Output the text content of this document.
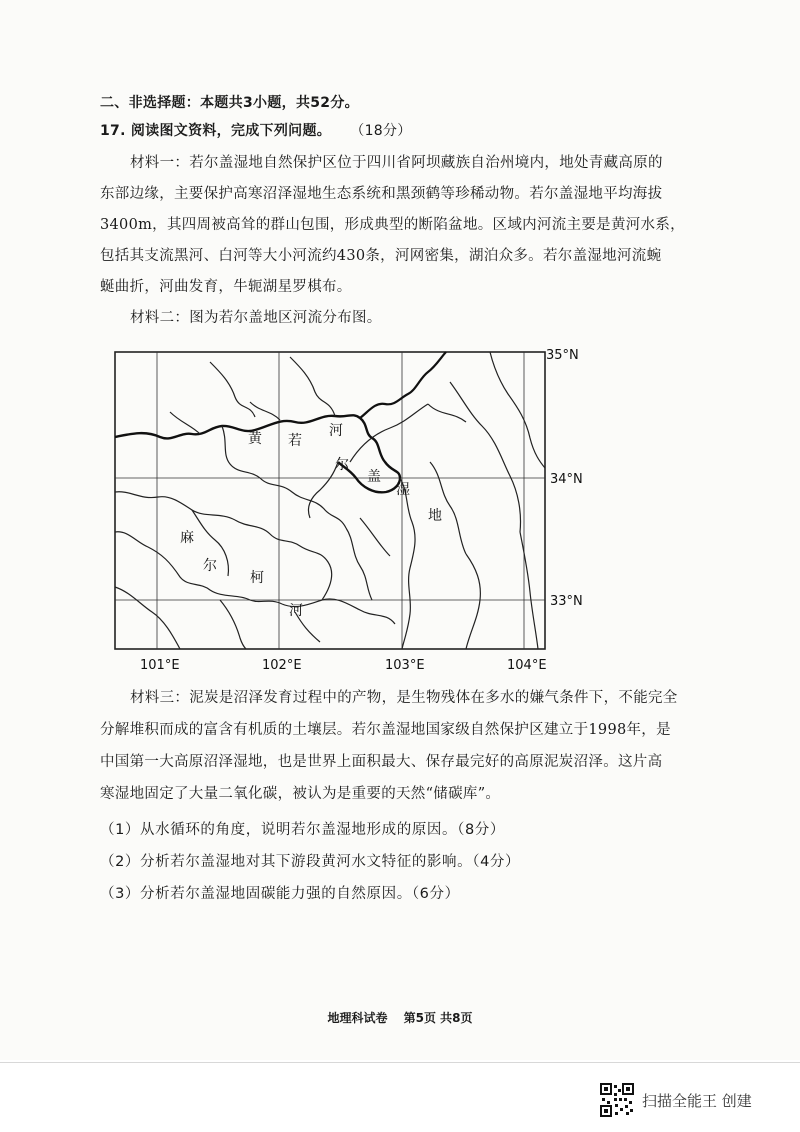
二、非选择题：本题共3小题，共52分。
17. 阅读图文资料，完成下列问题。 （18分）
材料一：若尔盖湿地自然保护区位于四川省阿坝藏族自治州境内，地处青藏高原的
东部边缘，主要保护高寒沼泽湿地生态系统和黑颈鹤等珍稀动物。若尔盖湿地平均海拔
3400m，其四周被高耸的群山包围，形成典型的断陷盆地。区域内河流主要是黄河水系，
包括其支流黑河、白河等大小河流约430条，河网密集，湖泊众多。若尔盖湿地河流蜿
蜒曲折，河曲发育，牛轭湖星罗棋布。
材料二：图为若尔盖地区河流分布图。
黄	河
若
尔
盖
湿
地
麻
尔
柯
河
35°N
34°N
33°N
101°E	102°E	103°E	104°E
材料三：泥炭是沼泽发育过程中的产物，是生物残体在多水的嫌气条件下，不能完全
分解堆积而成的富含有机质的土壤层。若尔盖湿地国家级自然保护区建立于1998年，是
中国第一大高原沼泽湿地，也是世界上面积最大、保存最完好的高原泥炭沼泽。这片高
寒湿地固定了大量二氧化碳，被认为是重要的天然“储碳库”。
（1）从水循环的角度，说明若尔盖湿地形成的原因。（8分）
（2）分析若尔盖湿地对其下游段黄河水文特征的影响。（4分）
（3）分析若尔盖湿地固碳能力强的自然原因。（6分）
地理科试卷 第5页 共8页
扫描全能王 创建
